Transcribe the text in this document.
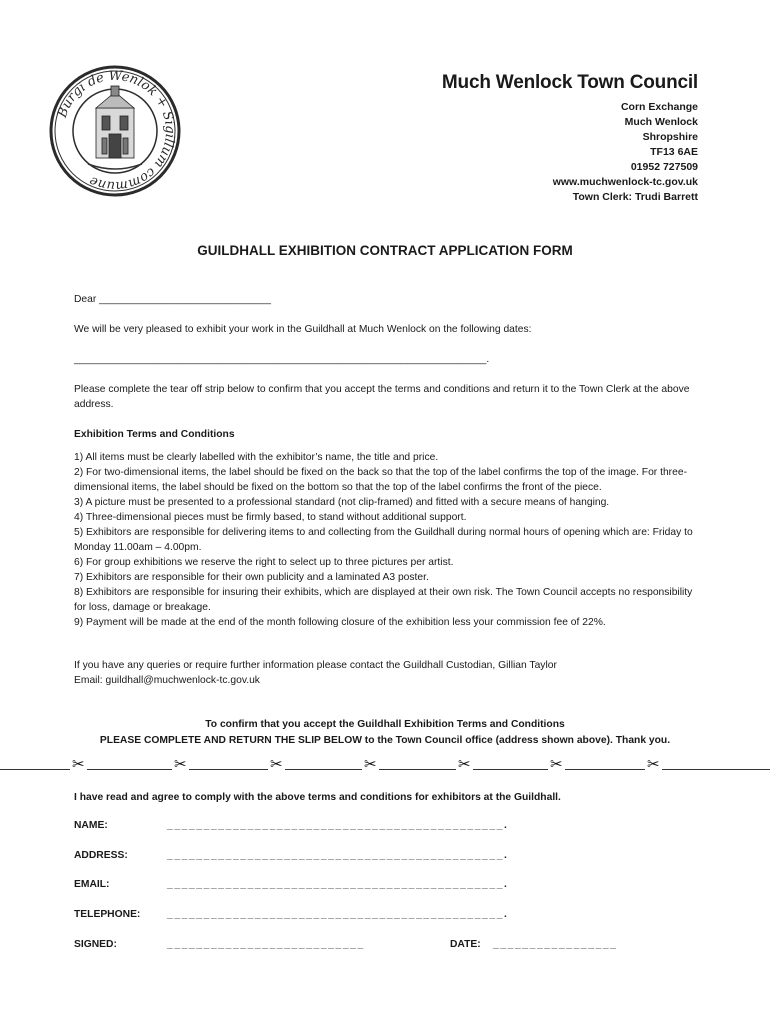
Burgi de Wenlok + Sigillum commune
Much Wenlock Town Council
Corn Exchange
Much Wenlock
Shropshire
TF13 6AE
01952 727509
www.muchwenlock-tc.gov.uk
Town Clerk: Trudi Barrett
GUILDHALL EXHIBITION CONTRACT APPLICATION FORM
Dear ______________________________
We will be very pleased to exhibit your work in the Guildhall at Much Wenlock on the following dates:
________________________________________________________________________.
Please complete the tear off strip below to confirm that you accept the terms and conditions and return it to the Town Clerk at the above address.
Exhibition Terms and Conditions
1) All items must be clearly labelled with the exhibitor’s name, the title and price.
2) For two-dimensional items, the label should be fixed on the back so that the top of the label confirms the top of the image. For three-dimensional items, the label should be fixed on the bottom so that the top of the label confirms the front of the piece.
3) A picture must be presented to a professional standard (not clip-framed) and fitted with a secure means of hanging.
4) Three-dimensional pieces must be firmly based, to stand without additional support.
5) Exhibitors are responsible for delivering items to and collecting from the Guildhall during normal hours of opening which are: Friday to Monday 11.00am – 4.00pm.
6) For group exhibitions we reserve the right to select up to three pictures per artist.
7) Exhibitors are responsible for their own publicity and a laminated A3 poster.
8) Exhibitors are responsible for insuring their exhibits, which are displayed at their own risk. The Town Council accepts no responsibility for loss, damage or breakage.
9) Payment will be made at the end of the month following closure of the exhibition less your commission fee of 22%.
If you have any queries or require further information please contact the Guildhall Custodian, Gillian Taylor
Email: guildhall@muchwenlock-tc.gov.uk
To confirm that you accept the Guildhall Exhibition Terms and Conditions
PLEASE COMPLETE AND RETURN THE SLIP BELOW to the Town Council office (address shown above). Thank you.
✂	✂	✂	✂	✂	✂	✂
I have read and agree to comply with the above terms and conditions for exhibitors at the Guildhall.
NAME:	______________________________________________.
ADDRESS:	______________________________________________.
EMAIL:	______________________________________________.
TELEPHONE:	______________________________________________.
SIGNED:	___________________________	DATE: _________________
